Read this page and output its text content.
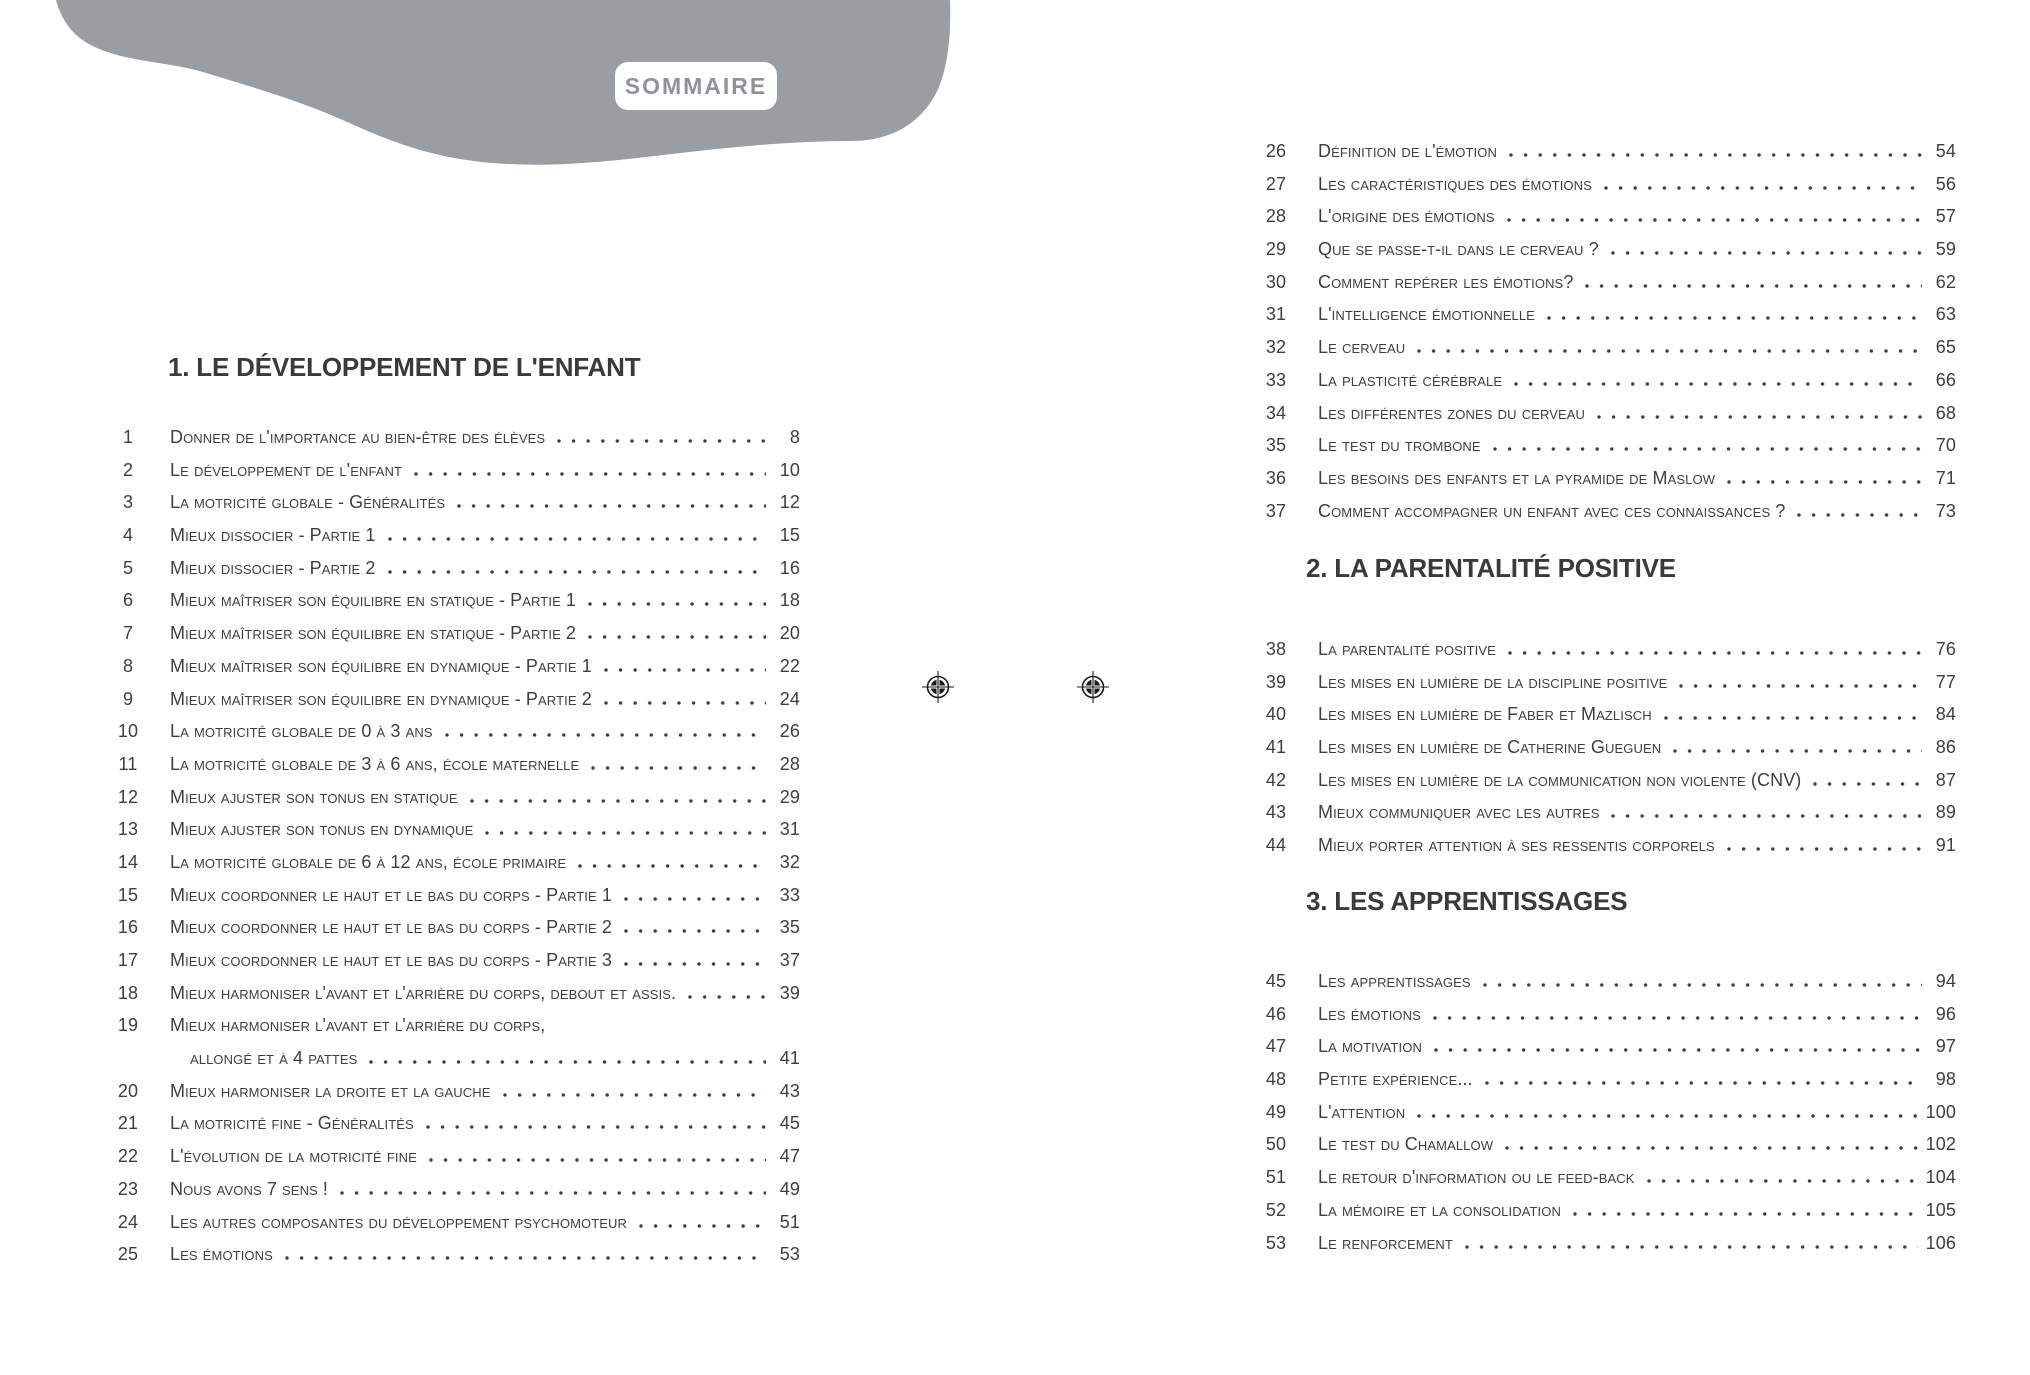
SOMMAIRE
1. LE DÉVELOPPEMENT DE L'ENFANT
1	Donner de l'importance au bien-être des élèves	8
2	Le développement de l'enfant	10
3	La motricité globale - Généralités	12
4	Mieux dissocier - Partie 1	15
5	Mieux dissocier - Partie 2	16
6	Mieux maîtriser son équilibre en statique - Partie 1	18
7	Mieux maîtriser son équilibre en statique - Partie 2	20
8	Mieux maîtriser son équilibre en dynamique - Partie 1	22
9	Mieux maîtriser son équilibre en dynamique - Partie 2	24
10	La motricité globale de 0 à 3 ans	26
11	La motricité globale de 3 à 6 ans, école maternelle	28
12	Mieux ajuster son tonus en statique	29
13	Mieux ajuster son tonus en dynamique	31
14	La motricité globale de 6 à 12 ans, école primaire	32
15	Mieux coordonner le haut et le bas du corps - Partie 1	33
16	Mieux coordonner le haut et le bas du corps - Partie 2	35
17	Mieux coordonner le haut et le bas du corps - Partie 3	37
18	Mieux harmoniser l'avant et l'arrière du corps, debout et assis.	39
19	Mieux harmoniser l'avant et l'arrière du corps,
allongé et à 4 pattes	41
20	Mieux harmoniser la droite et la gauche	43
21	La motricité fine - Généralités	45
22	L'évolution de la motricité fine	47
23	Nous avons 7 sens !	49
24	Les autres composantes du développement psychomoteur	51
25	Les émotions	53
26	Définition de l'émotion	54
27	Les caractéristiques des émotions	56
28	L'origine des émotions	57
29	Que se passe-t-il dans le cerveau ?	59
30	Comment repérer les émotions?	62
31	L'intelligence émotionnelle	63
32	Le cerveau	65
33	La plasticité cérébrale	66
34	Les différentes zones du cerveau	68
35	Le test du trombone	70
36	Les besoins des enfants et la pyramide de Maslow	71
37	Comment accompagner un enfant avec ces connaissances ?	73
2. LA PARENTALITÉ POSITIVE
38	La parentalité positive	76
39	Les mises en lumière de la discipline positive	77
40	Les mises en lumière de Faber et Mazlisch	84
41	Les mises en lumière de Catherine Gueguen	86
42	Les mises en lumière de la communication non violente (CNV)	87
43	Mieux communiquer avec les autres	89
44	Mieux porter attention à ses ressentis corporels	91
3. LES APPRENTISSAGES
45	Les apprentissages	94
46	Les émotions	96
47	La motivation	97
48	Petite expérience...	98
49	L'attention	100
50	Le test du Chamallow	102
51	Le retour d'information ou le feed-back	104
52	La mémoire et la consolidation	105
53	Le renforcement	106
